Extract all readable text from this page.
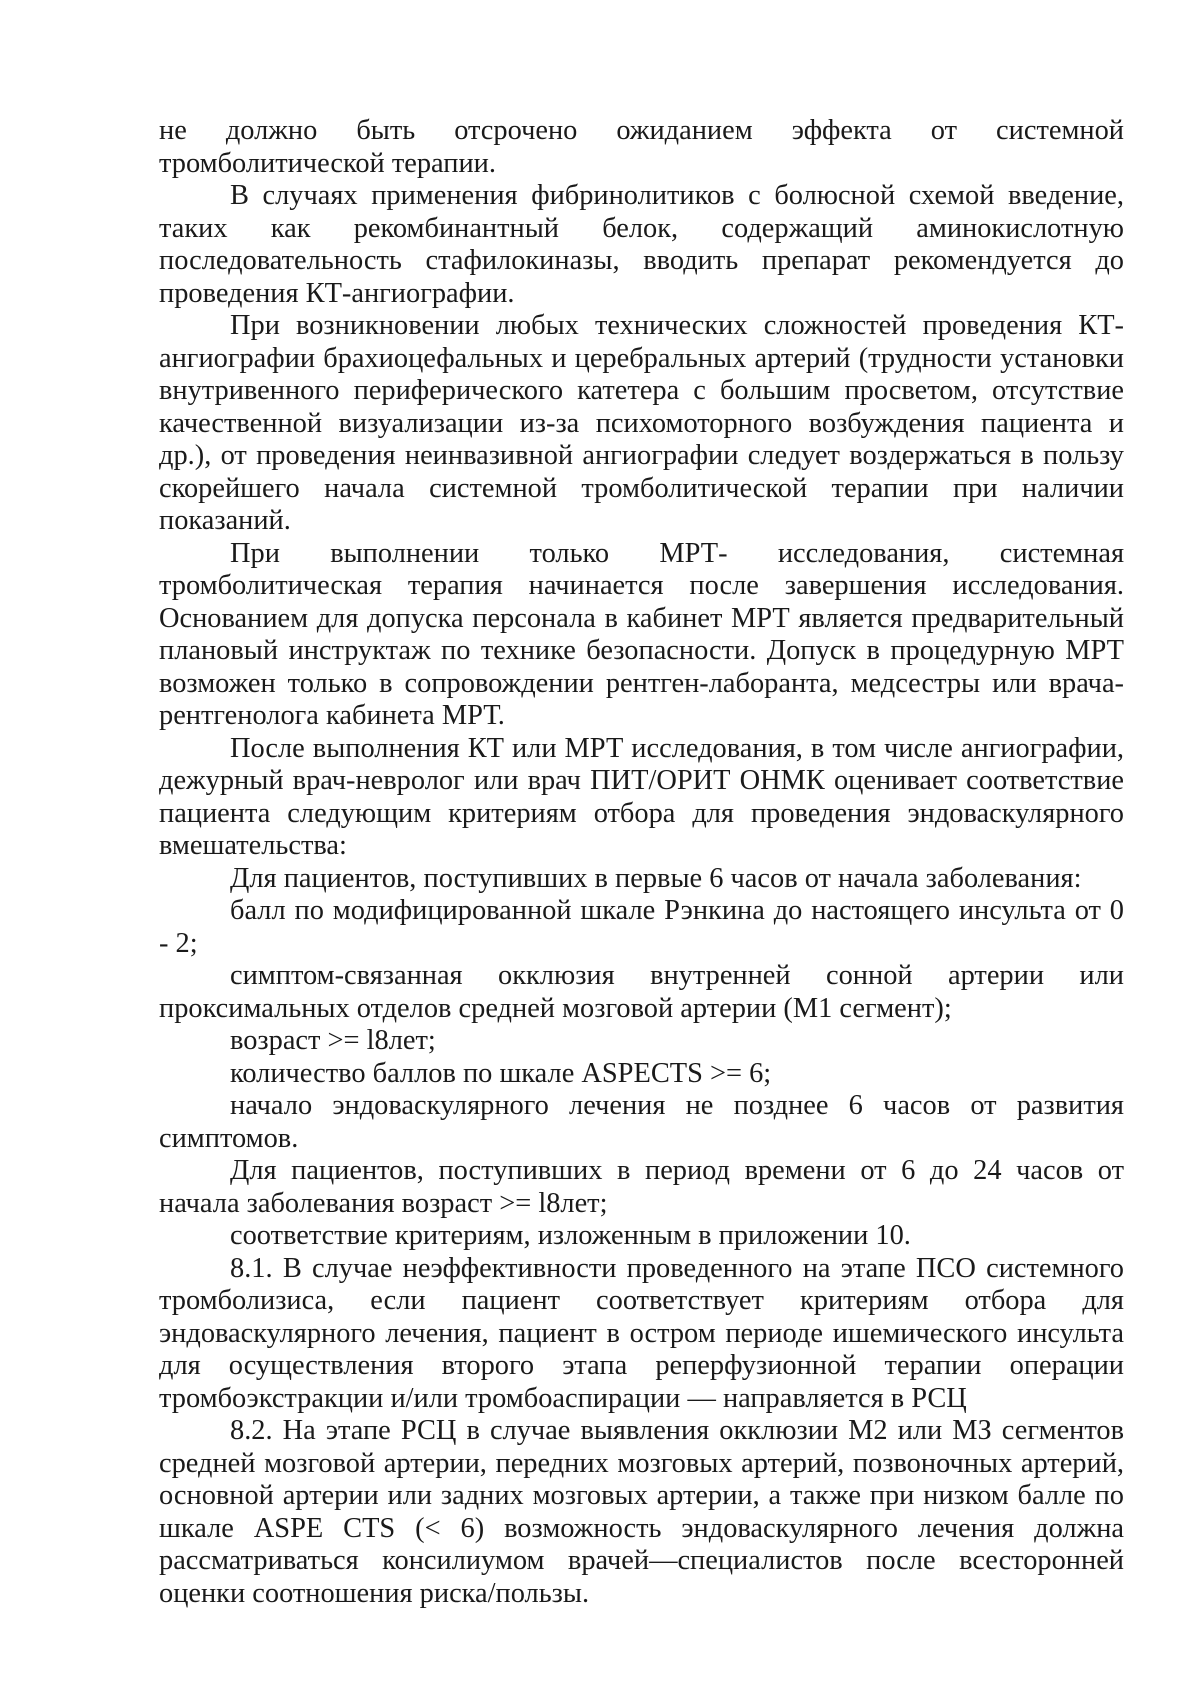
не должно быть отсрочено ожиданием эффекта от системной тромболитической терапии.

В случаях применения фибринолитиков с болюсной схемой введение, таких как рекомбинантный белок, содержащий аминокислотную последовательность стафилокиназы, вводить препарат рекомендуется до проведения КТ-ангиографии.

При возникновении любых технических сложностей проведения КТ-ангиографии брахиоцефальных и церебральных артерий (трудности установки внутривенного периферического катетера с большим просветом, отсутствие качественной визуализации из-за психомоторного возбуждения пациента и др.), от проведения неинвазивной ангиографии следует воздержаться в пользу скорейшего начала системной тромболитической терапии при наличии показаний.

При выполнении только МРТ- исследования, системная тромболитическая терапия начинается после завершения исследования. Основанием для допуска персонала в кабинет МРТ является предварительный плановый инструктаж по технике безопасности. Допуск в процедурную МРТ возможен только в сопровождении рентген-лаборанта, медсестры или врача-рентгенолога кабинета МРТ.

После выполнения КТ или МРТ исследования, в том числе ангиографии, дежурный врач-невролог или врач ПИТ/ОРИТ ОНМК оценивает соответствие пациента следующим критериям отбора для проведения эндоваскулярного вмешательства:

Для пациентов, поступивших в первые 6 часов от начала заболевания:

балл по модифицированной шкале Рэнкина до настоящего инсульта от 0 - 2;

симптом-связанная окклюзия внутренней сонной артерии или проксимальных отделов средней мозговой артерии (М1 сегмент);

возраст >= l8лет;

количество баллов по шкале ASPECTS >= 6;

начало эндоваскулярного лечения не позднее 6 часов от развития симптомов.

Для пациентов, поступивших в период времени от 6 до 24 часов от начала заболевания возраст >= l8лет;

соответствие критериям, изложенным в приложении 10.

8.1. В случае неэффективности проведенного на этапе ПСО системного тромболизиса, если пациент соответствует критериям отбора для эндоваскулярного лечения, пациент в остром периоде ишемического инсульта для осуществления второго этапа реперфузионной терапии операции тромбоэкстракции и/или тромбоаспирации — направляется в РСЦ

8.2. На этапе РСЦ в случае выявления окклюзии М2 или МЗ сегментов средней мозговой артерии, передних мозговых артерий, позвоночных артерий, основной артерии или задних мозговых артерии, а также при низком балле по шкале ASPE CTS (< 6) возможность эндоваскулярного лечения должна рассматриваться консилиумом врачей—специалистов после всесторонней оценки соотношения риска/пользы.
